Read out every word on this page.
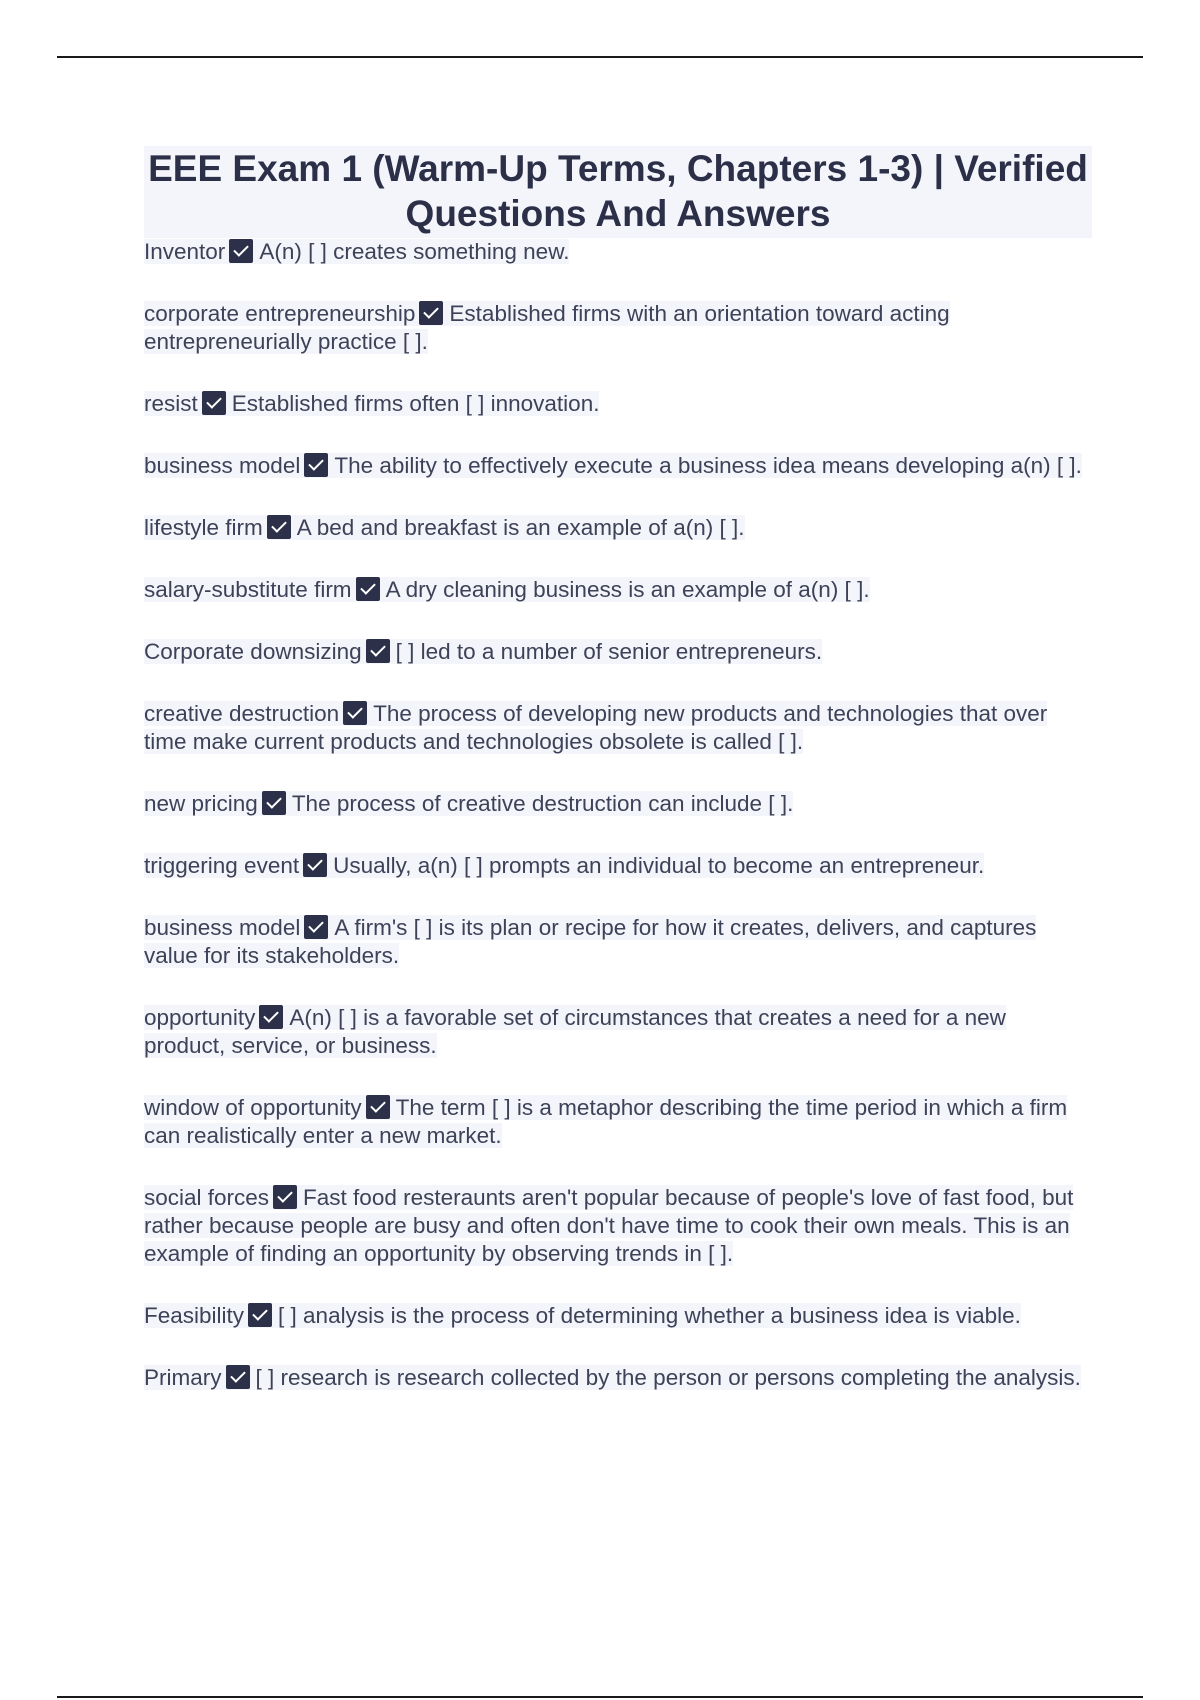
EEE Exam 1 (Warm-Up Terms, Chapters 1-3) | Verified Questions And Answers
Inventor A(n) [ ] creates something new.
corporate entrepreneurship Established firms with an orientation toward acting entrepreneurially practice [ ].
resist Established firms often [ ] innovation.
business model The ability to effectively execute a business idea means developing a(n) [ ].
lifestyle firm A bed and breakfast is an example of a(n) [ ].
salary-substitute firm A dry cleaning business is an example of a(n) [ ].
Corporate downsizing [ ] led to a number of senior entrepreneurs.
creative destruction The process of developing new products and technologies that over time make current products and technologies obsolete is called [ ].
new pricing The process of creative destruction can include [ ].
triggering event Usually, a(n) [ ] prompts an individual to become an entrepreneur.
business model A firm's [ ] is its plan or recipe for how it creates, delivers, and captures value for its stakeholders.
opportunity A(n) [ ] is a favorable set of circumstances that creates a need for a new product, service, or business.
window of opportunity The term [ ] is a metaphor describing the time period in which a firm can realistically enter a new market.
social forces Fast food resteraunts aren't popular because of people's love of fast food, but rather because people are busy and often don't have time to cook their own meals. This is an example of finding an opportunity by observing trends in [ ].
Feasibility [ ] analysis is the process of determining whether a business idea is viable.
Primary [ ] research is research collected by the person or persons completing the analysis.
